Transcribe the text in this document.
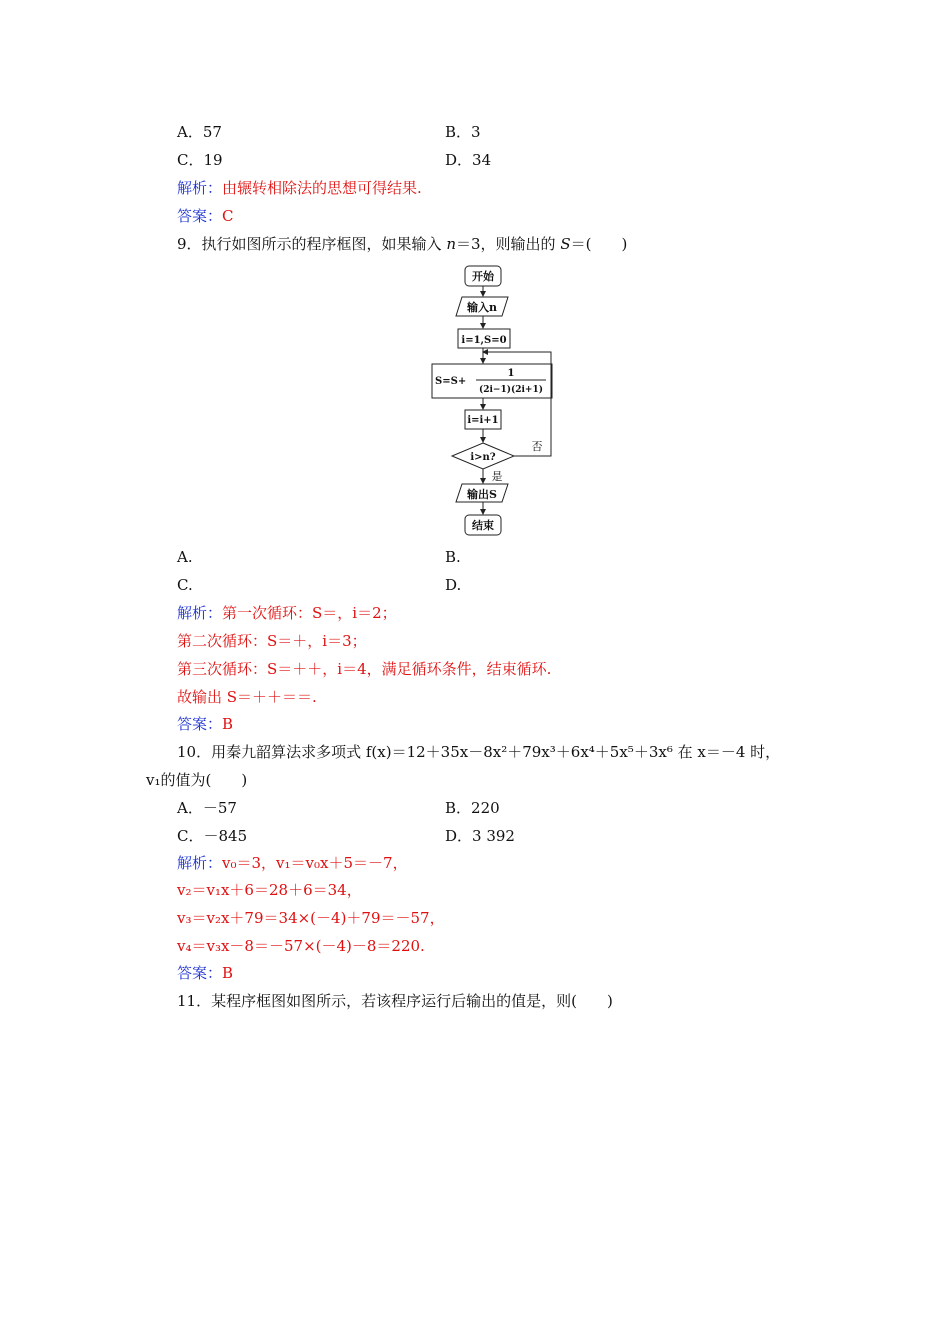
A．57	B．3
C．19	D．34
解析：由辗转相除法的思想可得结果.
答案：C
9．执行如图所示的程序框图，如果输入 n＝3，则输出的 S＝(　　)
开始
输入n
i=1,S=0
S=S+
1
(2i−1)(2i+1)
i=i+1
i>n?
否
是
输出S
结束
A.	B.
C.	D.
解析：第一次循环：S＝，i＝2；
第二次循环：S＝＋，i＝3；
第三次循环：S＝＋＋，i＝4，满足循环条件，结束循环.
故输出 S＝＋＋＝＝.
答案：B
10．用秦九韶算法求多项式 f(x)＝12＋35x－8x²＋79x³＋6x⁴＋5x⁵＋3x⁶ 在 x＝－4 时，
v₁的值为(　　)
A．－57	B．220
C．－845	D．3 392
解析：v₀＝3，v₁＝v₀x＋5＝－7，
v₂＝v₁x＋6＝28＋6＝34，
v₃＝v₂x＋79＝34×(－4)＋79＝－57，
v₄＝v₃x－8＝－57×(－4)－8＝220.
答案：B
11．某程序框图如图所示，若该程序运行后输出的值是，则(　　)
